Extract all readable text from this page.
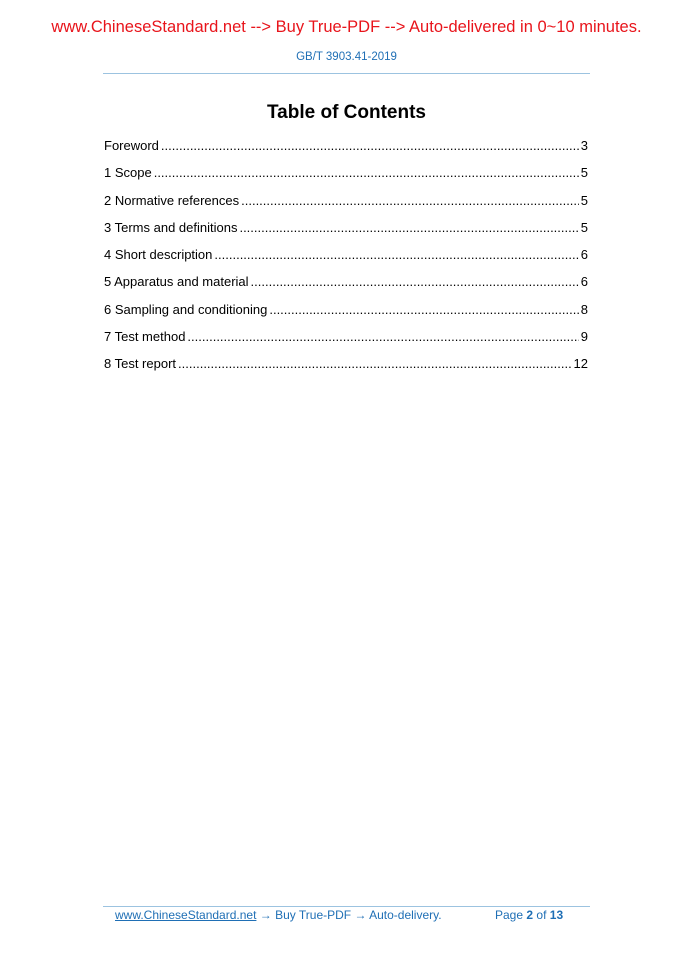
www.ChineseStandard.net --> Buy True-PDF --> Auto-delivered in 0~10 minutes.
GB/T 3903.41-2019
Table of Contents
Foreword .....	3
1 Scope .....	5
2 Normative references .....	5
3 Terms and definitions .....	5
4 Short description .....	6
5 Apparatus and material .....	6
6 Sampling and conditioning .....	8
7 Test method .....	9
8 Test report .....	12
www.ChineseStandard.net → Buy True-PDF → Auto-delivery.	Page 2 of 13
